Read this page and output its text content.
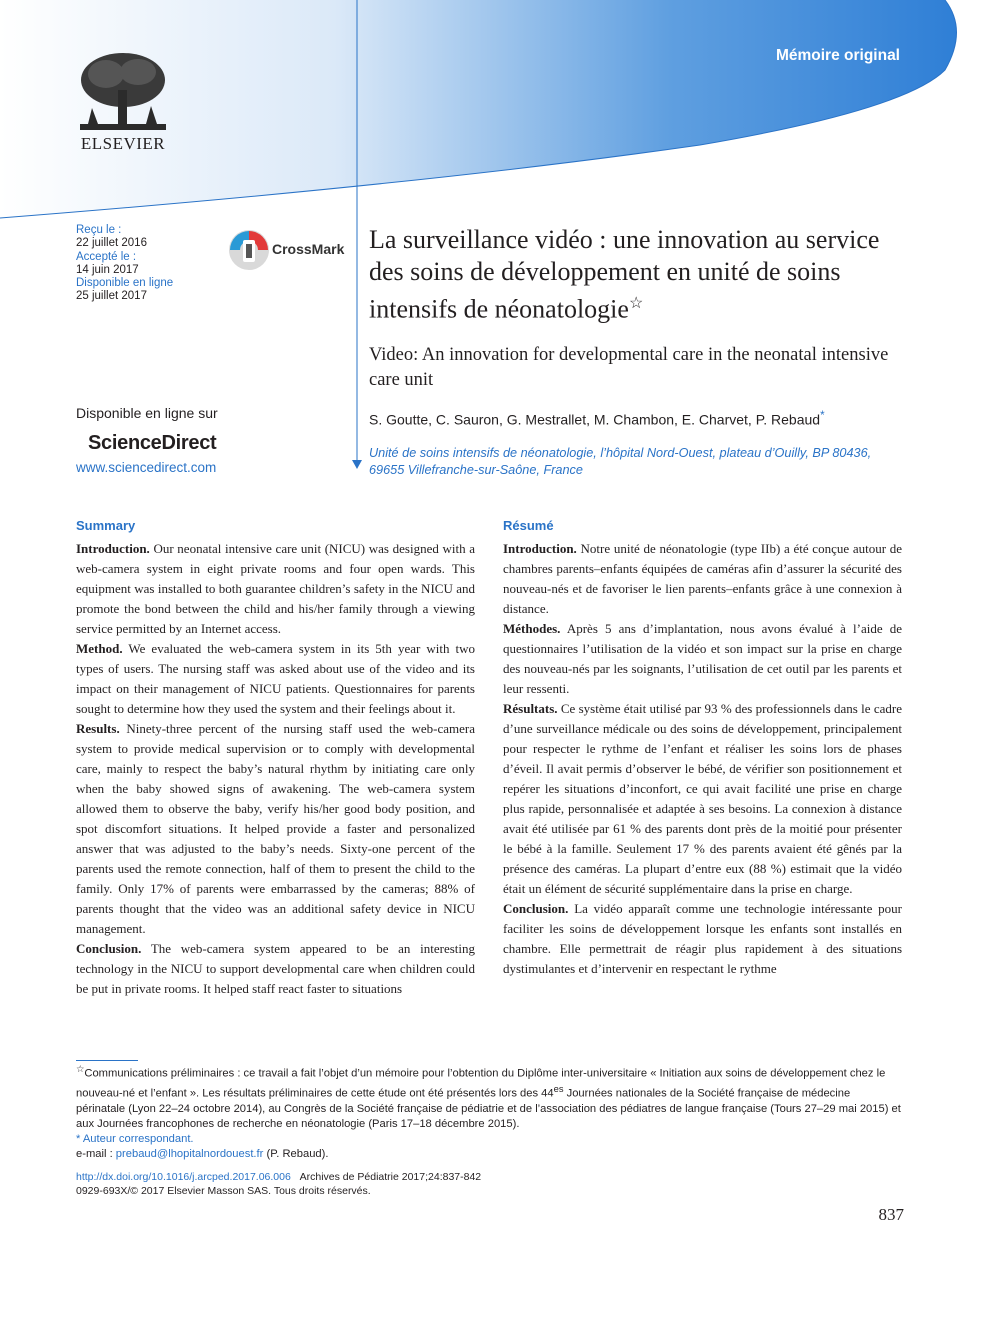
Mémoire original
ELSEVIER
Reçu le :
22 juillet 2016
Accepté le :
14 juin 2017
Disponible en ligne
25 juillet 2017
CrossMark La surveillance vidéo : une innovation au service des soins de développement en unité de soins intensifs de néonatologie☆
Video: An innovation for developmental care in the neonatal intensive care unit
S. Goutte, C. Sauron, G. Mestrallet, M. Chambon, E. Charvet, P. Rebaud*
Unité de soins intensifs de néonatologie, l’hôpital Nord-Ouest, plateau d’Ouilly, BP 80436, 69655 Villefranche-sur-Saône, France
Disponible en ligne sur
ScienceDirect
www.sciencedirect.com
Summary	Résumé

Introduction. Our neonatal intensive care unit (NICU) was designed with a web-camera system in eight private rooms and four open wards. This equipment was installed to both guarantee children’s safety in the NICU and promote the bond between the child and his/her family through a viewing service permitted by an Internet access.

Method. We evaluated the web-camera system in its 5th year with two types of users. The nursing staff was asked about use of the video and its impact on their management of NICU patients. Questionnaires for parents sought to determine how they used the system and their feelings about it.

Results. Ninety-three percent of the nursing staff used the web-camera system to provide medical supervision or to comply with developmental care, mainly to respect the baby’s natural rhythm by initiating care only when the baby showed signs of awakening. The web-camera system allowed them to observe the baby, verify his/her good body position, and spot discomfort situations. It helped provide a faster and personalized answer that was adjusted to the baby’s needs. Sixty-one percent of the parents used the remote connection, half of them to present the child to the family. Only 17% of parents were embarrassed by the cameras; 88% of parents thought that the video was an additional safety device in NICU management.

Conclusion. The web-camera system appeared to be an interesting technology in the NICU to support developmental care when children could be put in private rooms. It helped staff react faster to situations

Introduction. Notre unité de néonatologie (type IIb) a été conçue autour de chambres parents–enfants équipées de caméras afin d’assurer la sécurité des nouveau-nés et de favoriser le lien parents–enfants grâce à une connexion à distance.

Méthodes. Après 5 ans d’implantation, nous avons évalué à l’aide de questionnaires l’utilisation de la vidéo et son impact sur la prise en charge des nouveau-nés par les soignants, l’utilisation de cet outil par les parents et leur ressenti.

Résultats. Ce système était utilisé par 93 % des professionnels dans le cadre d’une surveillance médicale ou des soins de développement, principalement pour respecter le rythme de l’enfant et réaliser les soins lors de phases d’éveil. Il avait permis d’observer le bébé, de vérifier son positionnement et repérer les situations d’inconfort, ce qui avait facilité une prise en charge plus rapide, personnalisée et adaptée à ses besoins. La connexion à distance avait été utilisée par 61 % des parents dont près de la moitié pour présenter le bébé à la famille. Seulement 17 % des parents avaient été gênés par la présence des caméras. La plupart d’entre eux (88 %) estimait que la vidéo était un élément de sécurité supplémentaire dans la prise en charge.

Conclusion. La vidéo apparaît comme une technologie intéressante pour faciliter les soins de développement lorsque les enfants sont installés en chambre. Elle permettrait de réagir plus rapidement à des situations dystimulantes et d’intervenir en respectant le rythme

☆Communications préliminaires : ce travail a fait l’objet d’un mémoire pour l’obtention du Diplôme inter-universitaire « Initiation aux soins de développement chez le nouveau-né et l’enfant ». Les résultats préliminaires de cette étude ont été présentés lors des $44^{es}$ Journées nationales de la Société française de médecine périnatale (Lyon 22–24 octobre 2014), au Congrès de la Société française de pédiatrie et de l’association des pédiatres de langue française (Tours 27–29 mai 2015) et aux Journées francophones de recherche en néonatologie (Paris 17–18 décembre 2015).

* Auteur correspondant.

e-mail : prebaud@lhopitalnordouest.fr (P. Rebaud).

http://dx.doi.org/10.1016/j.arcped.2017.06.006 Archives de Pédiatrie 2017;24:837-842
0929-693X/© 2017 Elsevier Masson SAS. Tous droits réservés.
837
